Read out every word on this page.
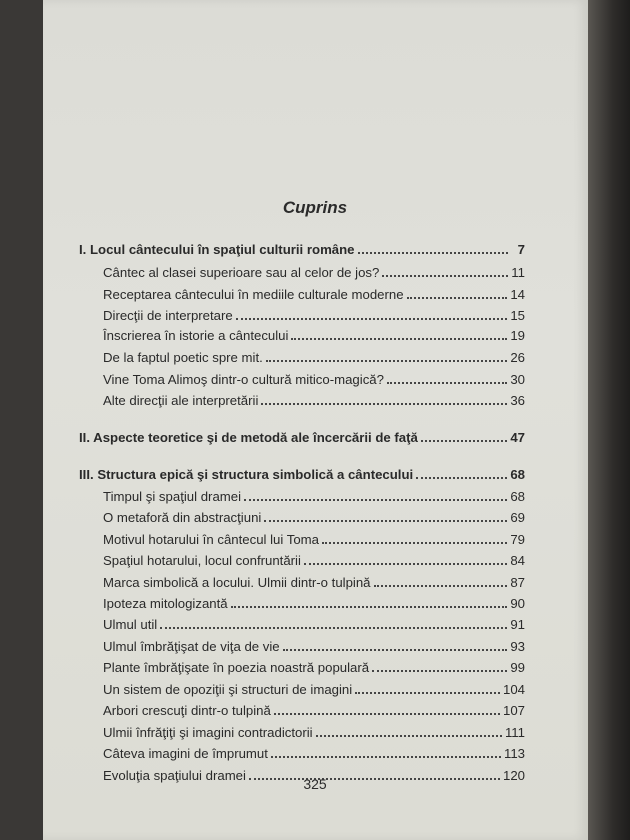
Cuprins
I. Locul cântecului în spaţiul culturii române	7
Cântec al clasei superioare sau al celor de jos?	11
Receptarea cântecului în mediile culturale moderne	14
Direcţii de interpretare	15
Înscrierea în istorie a cântecului	19
De la faptul poetic spre mit.	26
Vine Toma Alimoş dintr-o cultură mitico-magică?	30
Alte direcţii ale interpretării	36
II. Aspecte teoretice şi de metodă ale încercării de faţă	47
III. Structura epică şi structura simbolică a cântecului	68
Timpul şi spaţiul dramei	68
O metaforă din abstracţiuni	69
Motivul hotarului în cântecul lui Toma	79
Spaţiul hotarului, locul confruntării	84
Marca simbolică a locului. Ulmii dintr-o tulpină	87
Ipoteza mitologizantă	90
Ulmul util	91
Ulmul îmbrăţişat de viţa de vie	93
Plante îmbrăţişate în poezia noastră populară	99
Un sistem de opoziţii şi structuri de imagini	104
Arbori crescuţi dintr-o tulpină	107
Ulmii înfrăţiţi şi imagini contradictorii	111
Câteva imagini de împrumut	113
Evoluţia spaţiului dramei	120
325
